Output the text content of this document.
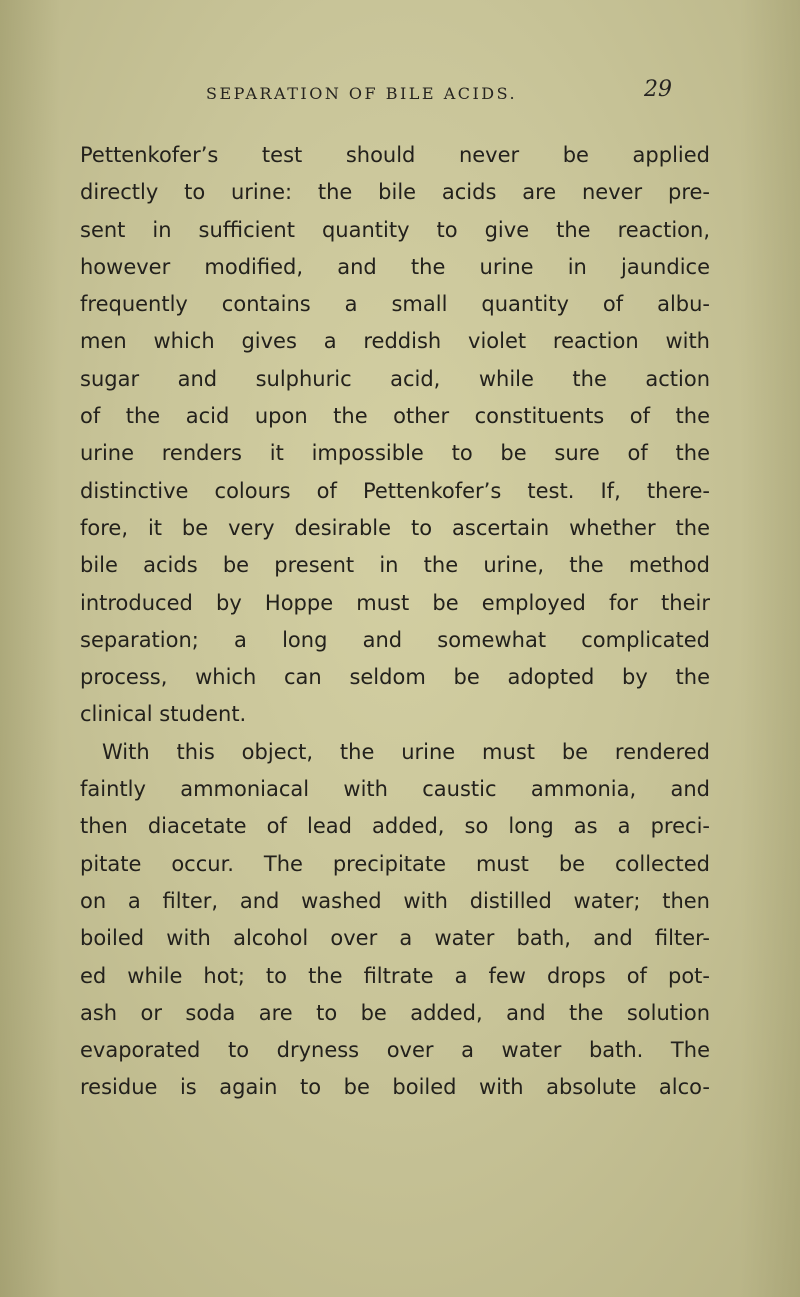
SEPARATION OF BILE ACIDS.	29
Pettenkofer’s test should never be applied
directly to urine: the bile acids are never pre-
sent in sufficient quantity to give the reaction,
however modified, and the urine in jaundice
frequently contains a small quantity of albu-
men which gives a reddish violet reaction with
sugar and sulphuric acid, while the action
of the acid upon the other constituents of the
urine renders it impossible to be sure of the
distinctive colours of Pettenkofer’s test. If, there-
fore, it be very desirable to ascertain whether the
bile acids be present in the urine, the method
introduced by Hoppe must be employed for their
separation; a long and somewhat complicated
process, which can seldom be adopted by the
clinical student.
With this object, the urine must be rendered
faintly ammoniacal with caustic ammonia, and
then diacetate of lead added, so long as a preci-
pitate occur. The precipitate must be collected
on a filter, and washed with distilled water; then
boiled with alcohol over a water bath, and filter-
ed while hot; to the filtrate a few drops of pot-
ash or soda are to be added, and the solution
evaporated to dryness over a water bath. The
residue is again to be boiled with absolute alco-
